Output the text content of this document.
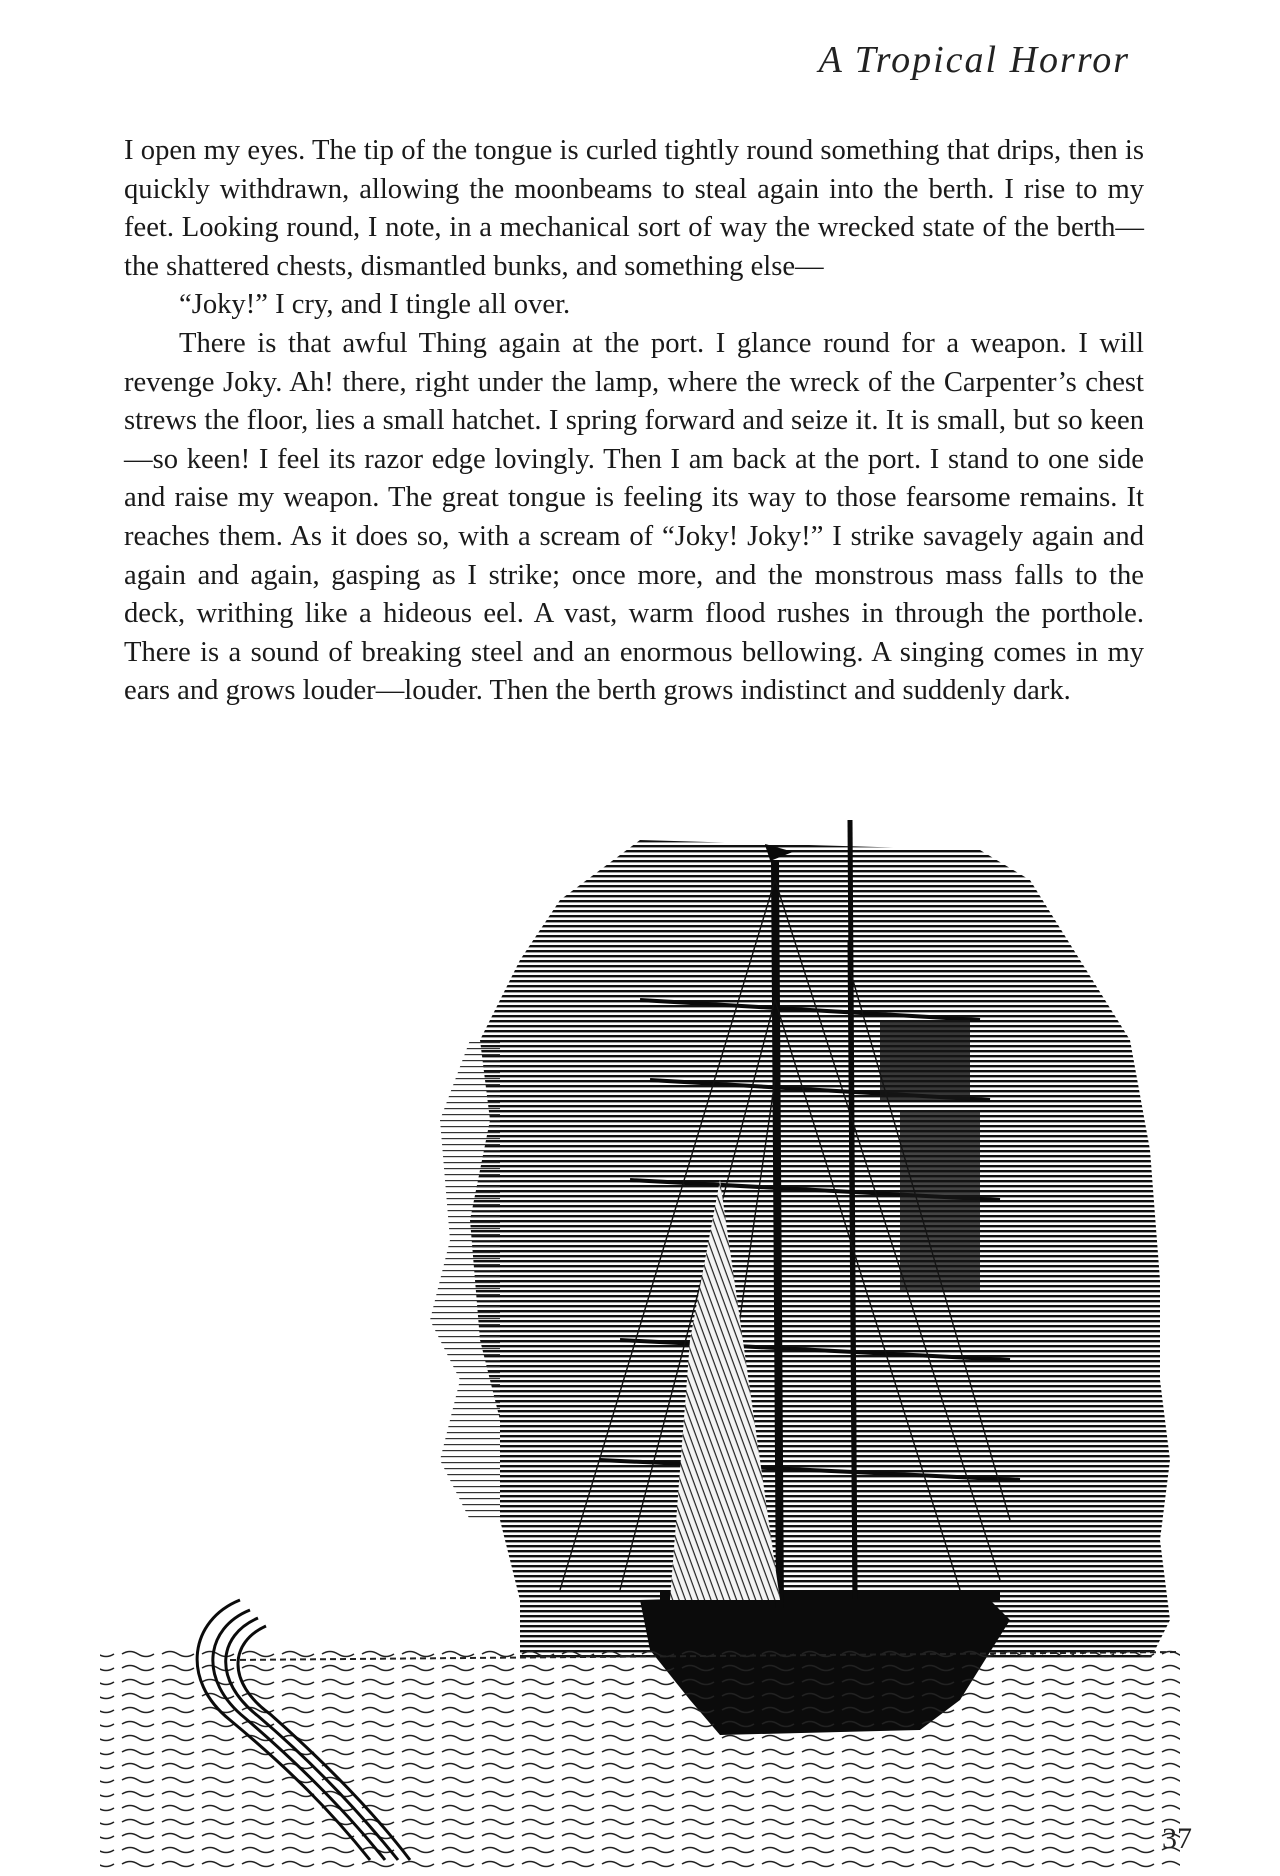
A Tropical Horror

I open my eyes. The tip of the tongue is curled tightly round something that drips, then is quickly withdrawn, allowing the moonbeams to steal again into the berth. I rise to my feet. Looking round, I note, in a mechanical sort of way the wrecked state of the berth—the shattered chests, dismantled bunks, and something else—

“Joky!” I cry, and I tingle all over.

There is that awful Thing again at the port. I glance round for a weapon. I will revenge Joky. Ah! there, right under the lamp, where the wreck of the Carpenter’s chest strews the floor, lies a small hatchet. I spring forward and seize it. It is small, but so keen—so keen! I feel its razor edge lovingly. Then I am back at the port. I stand to one side and raise my weapon. The great tongue is feeling its way to those fearsome remains. It reaches them. As it does so, with a scream of “Joky! Joky!” I strike savagely again and again and again, gasping as I strike; once more, and the monstrous mass falls to the deck, writhing like a hideous eel. A vast, warm flood rushes in through the porthole. There is a sound of breaking steel and an enormous bellowing. A singing comes in my ears and grows louder—louder. Then the berth grows indistinct and suddenly dark.

37
